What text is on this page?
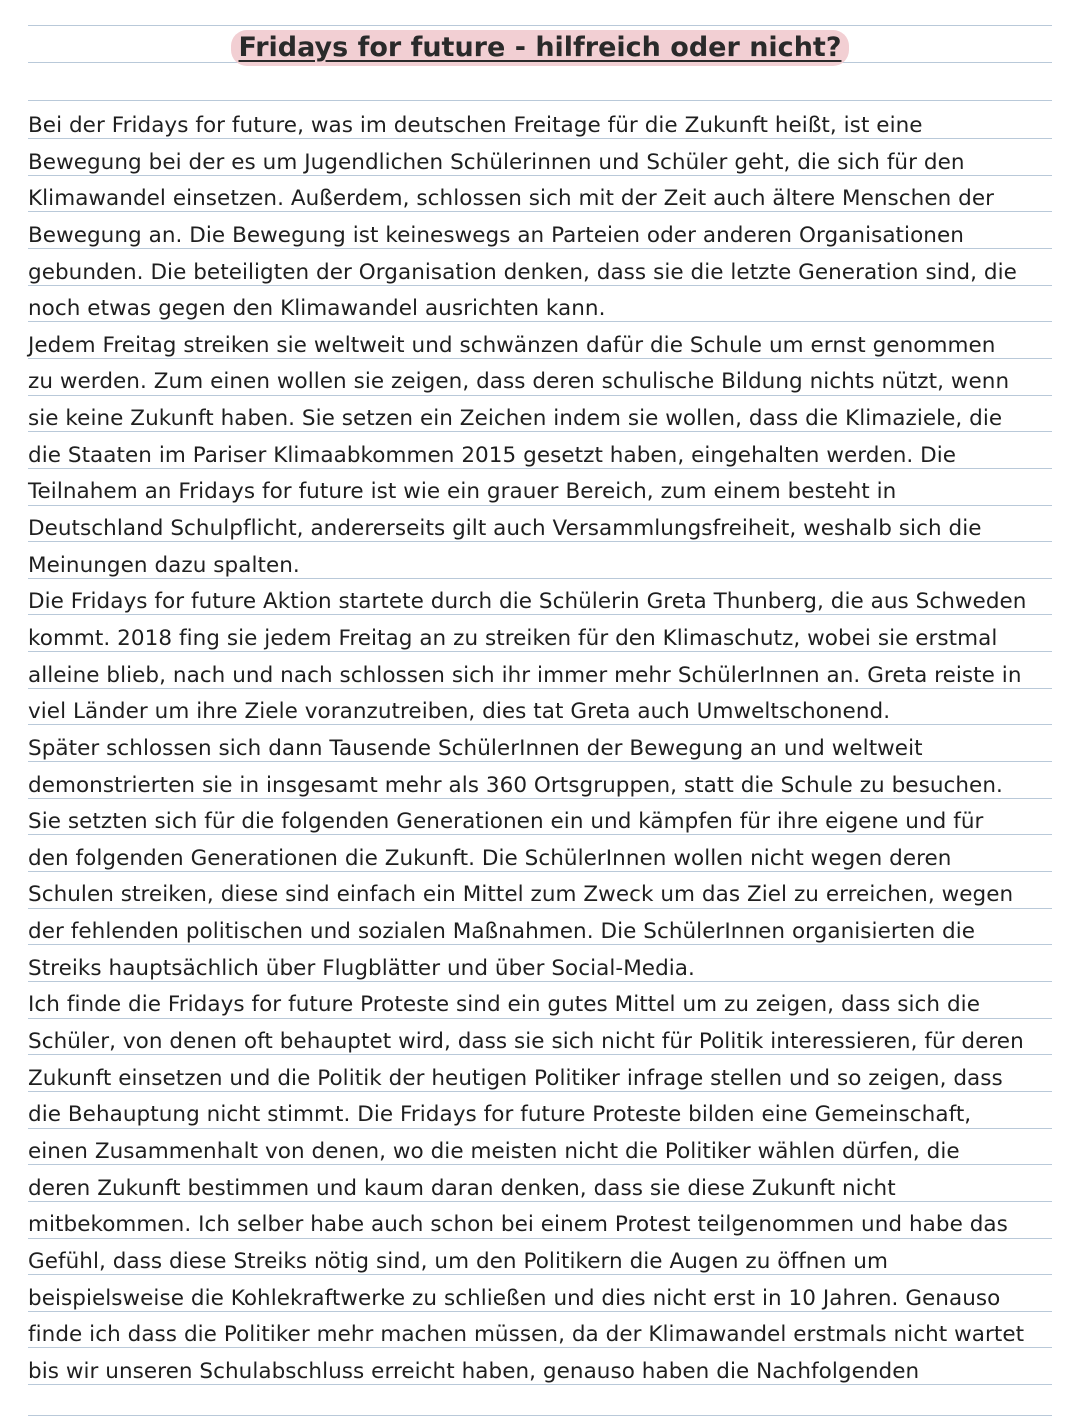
Fridays for future - hilfreich oder nicht?
Bei der Fridays for future, was im deutschen Freitage für die Zukunft heißt, ist eine
Bewegung bei der es um Jugendlichen Schülerinnen und Schüler geht, die sich für den
Klimawandel einsetzen. Außerdem, schlossen sich mit der Zeit auch ältere Menschen der
Bewegung an. Die Bewegung ist keineswegs an Parteien oder anderen Organisationen
gebunden. Die beteiligten der Organisation denken, dass sie die letzte Generation sind, die
noch etwas gegen den Klimawandel ausrichten kann.
Jedem Freitag streiken sie weltweit und schwänzen dafür die Schule um ernst genommen
zu werden. Zum einen wollen sie zeigen, dass deren schulische Bildung nichts nützt, wenn
sie keine Zukunft haben. Sie setzen ein Zeichen indem sie wollen, dass die Klimaziele, die
die Staaten im Pariser Klimaabkommen 2015 gesetzt haben, eingehalten werden. Die
Teilnahem an Fridays for future ist wie ein grauer Bereich, zum einem besteht in
Deutschland Schulpflicht, andererseits gilt auch Versammlungsfreiheit, weshalb sich die
Meinungen dazu spalten.
Die Fridays for future Aktion startete durch die Schülerin Greta Thunberg, die aus Schweden
kommt. 2018 fing sie jedem Freitag an zu streiken für den Klimaschutz, wobei sie erstmal
alleine blieb, nach und nach schlossen sich ihr immer mehr SchülerInnen an. Greta reiste in
viel Länder um ihre Ziele voranzutreiben, dies tat Greta auch Umweltschonend.
Später schlossen sich dann Tausende SchülerInnen der Bewegung an und weltweit
demonstrierten sie in insgesamt mehr als 360 Ortsgruppen, statt die Schule zu besuchen.
Sie setzten sich für die folgenden Generationen ein und kämpfen für ihre eigene und für
den folgenden Generationen die Zukunft. Die SchülerInnen wollen nicht wegen deren
Schulen streiken, diese sind einfach ein Mittel zum Zweck um das Ziel zu erreichen, wegen
der fehlenden politischen und sozialen Maßnahmen. Die SchülerInnen organisierten die
Streiks hauptsächlich über Flugblätter und über Social-Media.
Ich finde die Fridays for future Proteste sind ein gutes Mittel um zu zeigen, dass sich die
Schüler, von denen oft behauptet wird, dass sie sich nicht für Politik interessieren, für deren
Zukunft einsetzen und die Politik der heutigen Politiker infrage stellen und so zeigen, dass
die Behauptung nicht stimmt. Die Fridays for future Proteste bilden eine Gemeinschaft,
einen Zusammenhalt von denen, wo die meisten nicht die Politiker wählen dürfen, die
deren Zukunft bestimmen und kaum daran denken, dass sie diese Zukunft nicht
mitbekommen. Ich selber habe auch schon bei einem Protest teilgenommen und habe das
Gefühl, dass diese Streiks nötig sind, um den Politikern die Augen zu öffnen um
beispielsweise die Kohlekraftwerke zu schließen und dies nicht erst in 10 Jahren. Genauso
finde ich dass die Politiker mehr machen müssen, da der Klimawandel erstmals nicht wartet
bis wir unseren Schulabschluss erreicht haben, genauso haben die Nachfolgenden
